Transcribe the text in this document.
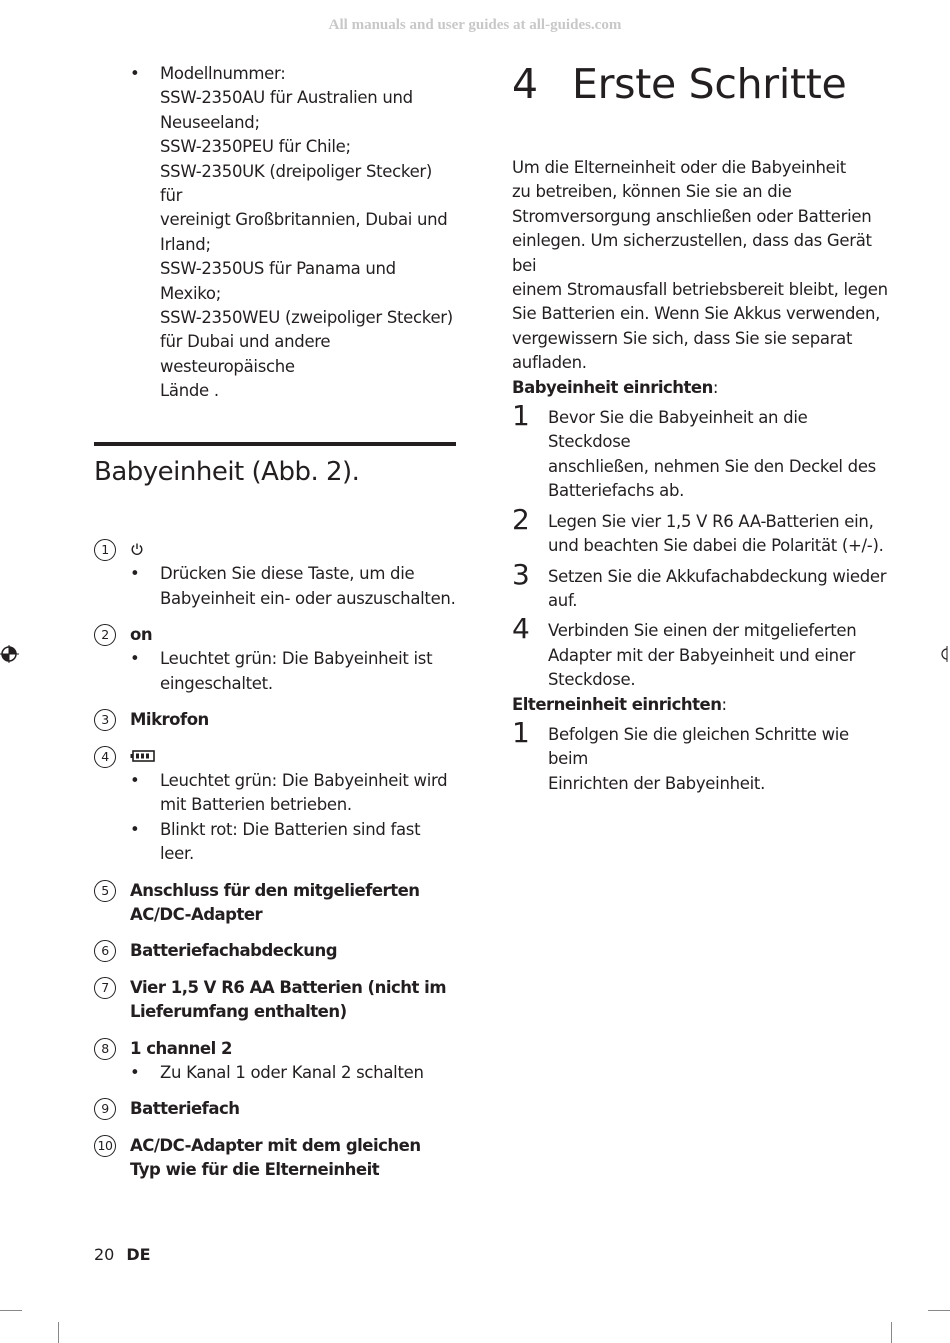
All manuals and user guides at all-guides.com
• Modellnummer:
SSW-2350AU für Australien und
Neuseeland;
SSW-2350PEU für Chile;
SSW-2350UK (dreipoliger Stecker) für
vereinigt Großbritannien, Dubai und
Irland;
SSW-2350US für Panama und Mexiko;
SSW-2350WEU (zweipoliger Stecker)
für Dubai und andere westeuropäische
Lände .
Babyeinheit (Abb. 2).
1
• Drücken Sie diese Taste, um die
Babyeinheit ein- oder auszuschalten.
2	on
• Leuchtet grün: Die Babyeinheit ist
eingeschaltet.
3	Mikrofon
4
• Leuchtet grün: Die Babyeinheit wird
mit Batterien betrieben.
• Blinkt rot: Die Batterien sind fast leer.
5	Anschluss für den mitgelieferten
AC/DC-Adapter
6	Batteriefachabdeckung
7	Vier 1,5 V R6 AA Batterien (nicht im
Lieferumfang enthalten)
8	1 channel 2
• Zu Kanal 1 oder Kanal 2 schalten
9	Batteriefach
10 AC/DC-Adapter mit dem gleichen
Typ wie für die Elterneinheit
4 Erste Schritte
Um die Elterneinheit oder die Babyeinheit
zu betreiben, können Sie sie an die
Stromversorgung anschließen oder Batterien
einlegen. Um sicherzustellen, dass das Gerät bei
einem Stromausfall betriebsbereit bleibt, legen
Sie Batterien ein. Wenn Sie Akkus verwenden,
vergewissern Sie sich, dass Sie sie separat
aufladen.
Babyeinheit einrichten:
1 Bevor Sie die Babyeinheit an die Steckdose
anschließen, nehmen Sie den Deckel des
Batteriefachs ab.
2 Legen Sie vier 1,5 V R6 AA-Batterien ein,
und beachten Sie dabei die Polarität (+/-).
3 Setzen Sie die Akkufachabdeckung wieder
auf.
4 Verbinden Sie einen der mitgelieferten
Adapter mit der Babyeinheit und einer
Steckdose.
Elterneinheit einrichten:
1 Befolgen Sie die gleichen Schritte wie beim
Einrichten der Babyeinheit.
20 DE
